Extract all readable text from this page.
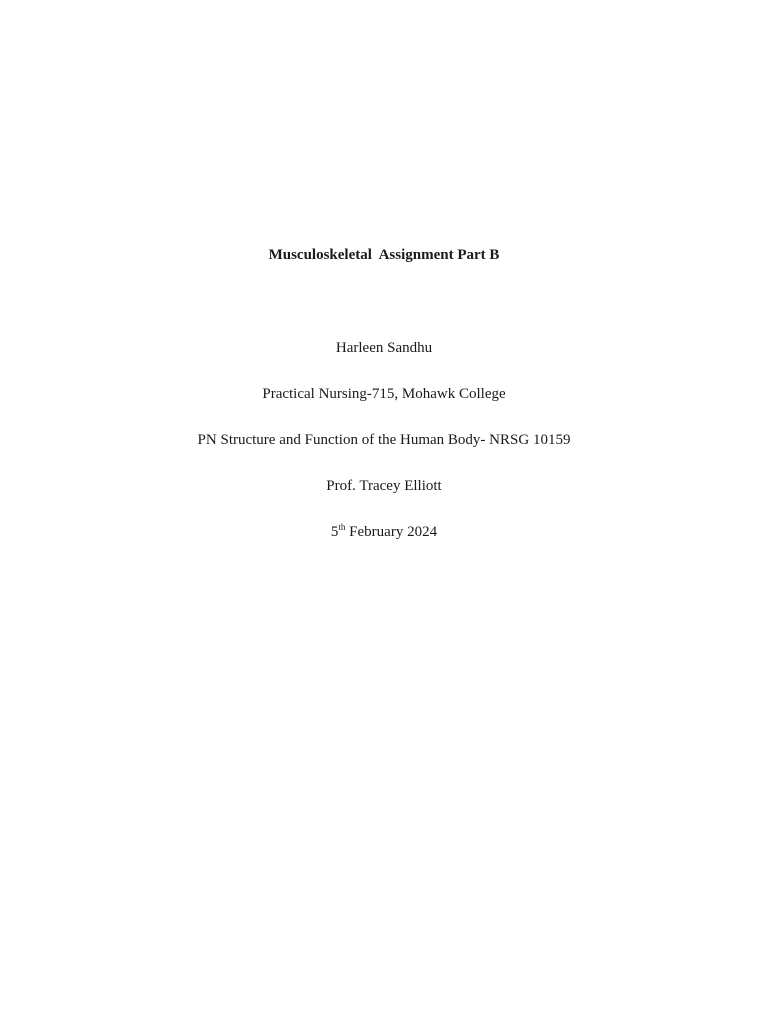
Musculoskeletal  Assignment Part B
Harleen Sandhu
Practical Nursing-715, Mohawk College
PN Structure and Function of the Human Body- NRSG 10159
Prof. Tracey Elliott
5th February 2024
